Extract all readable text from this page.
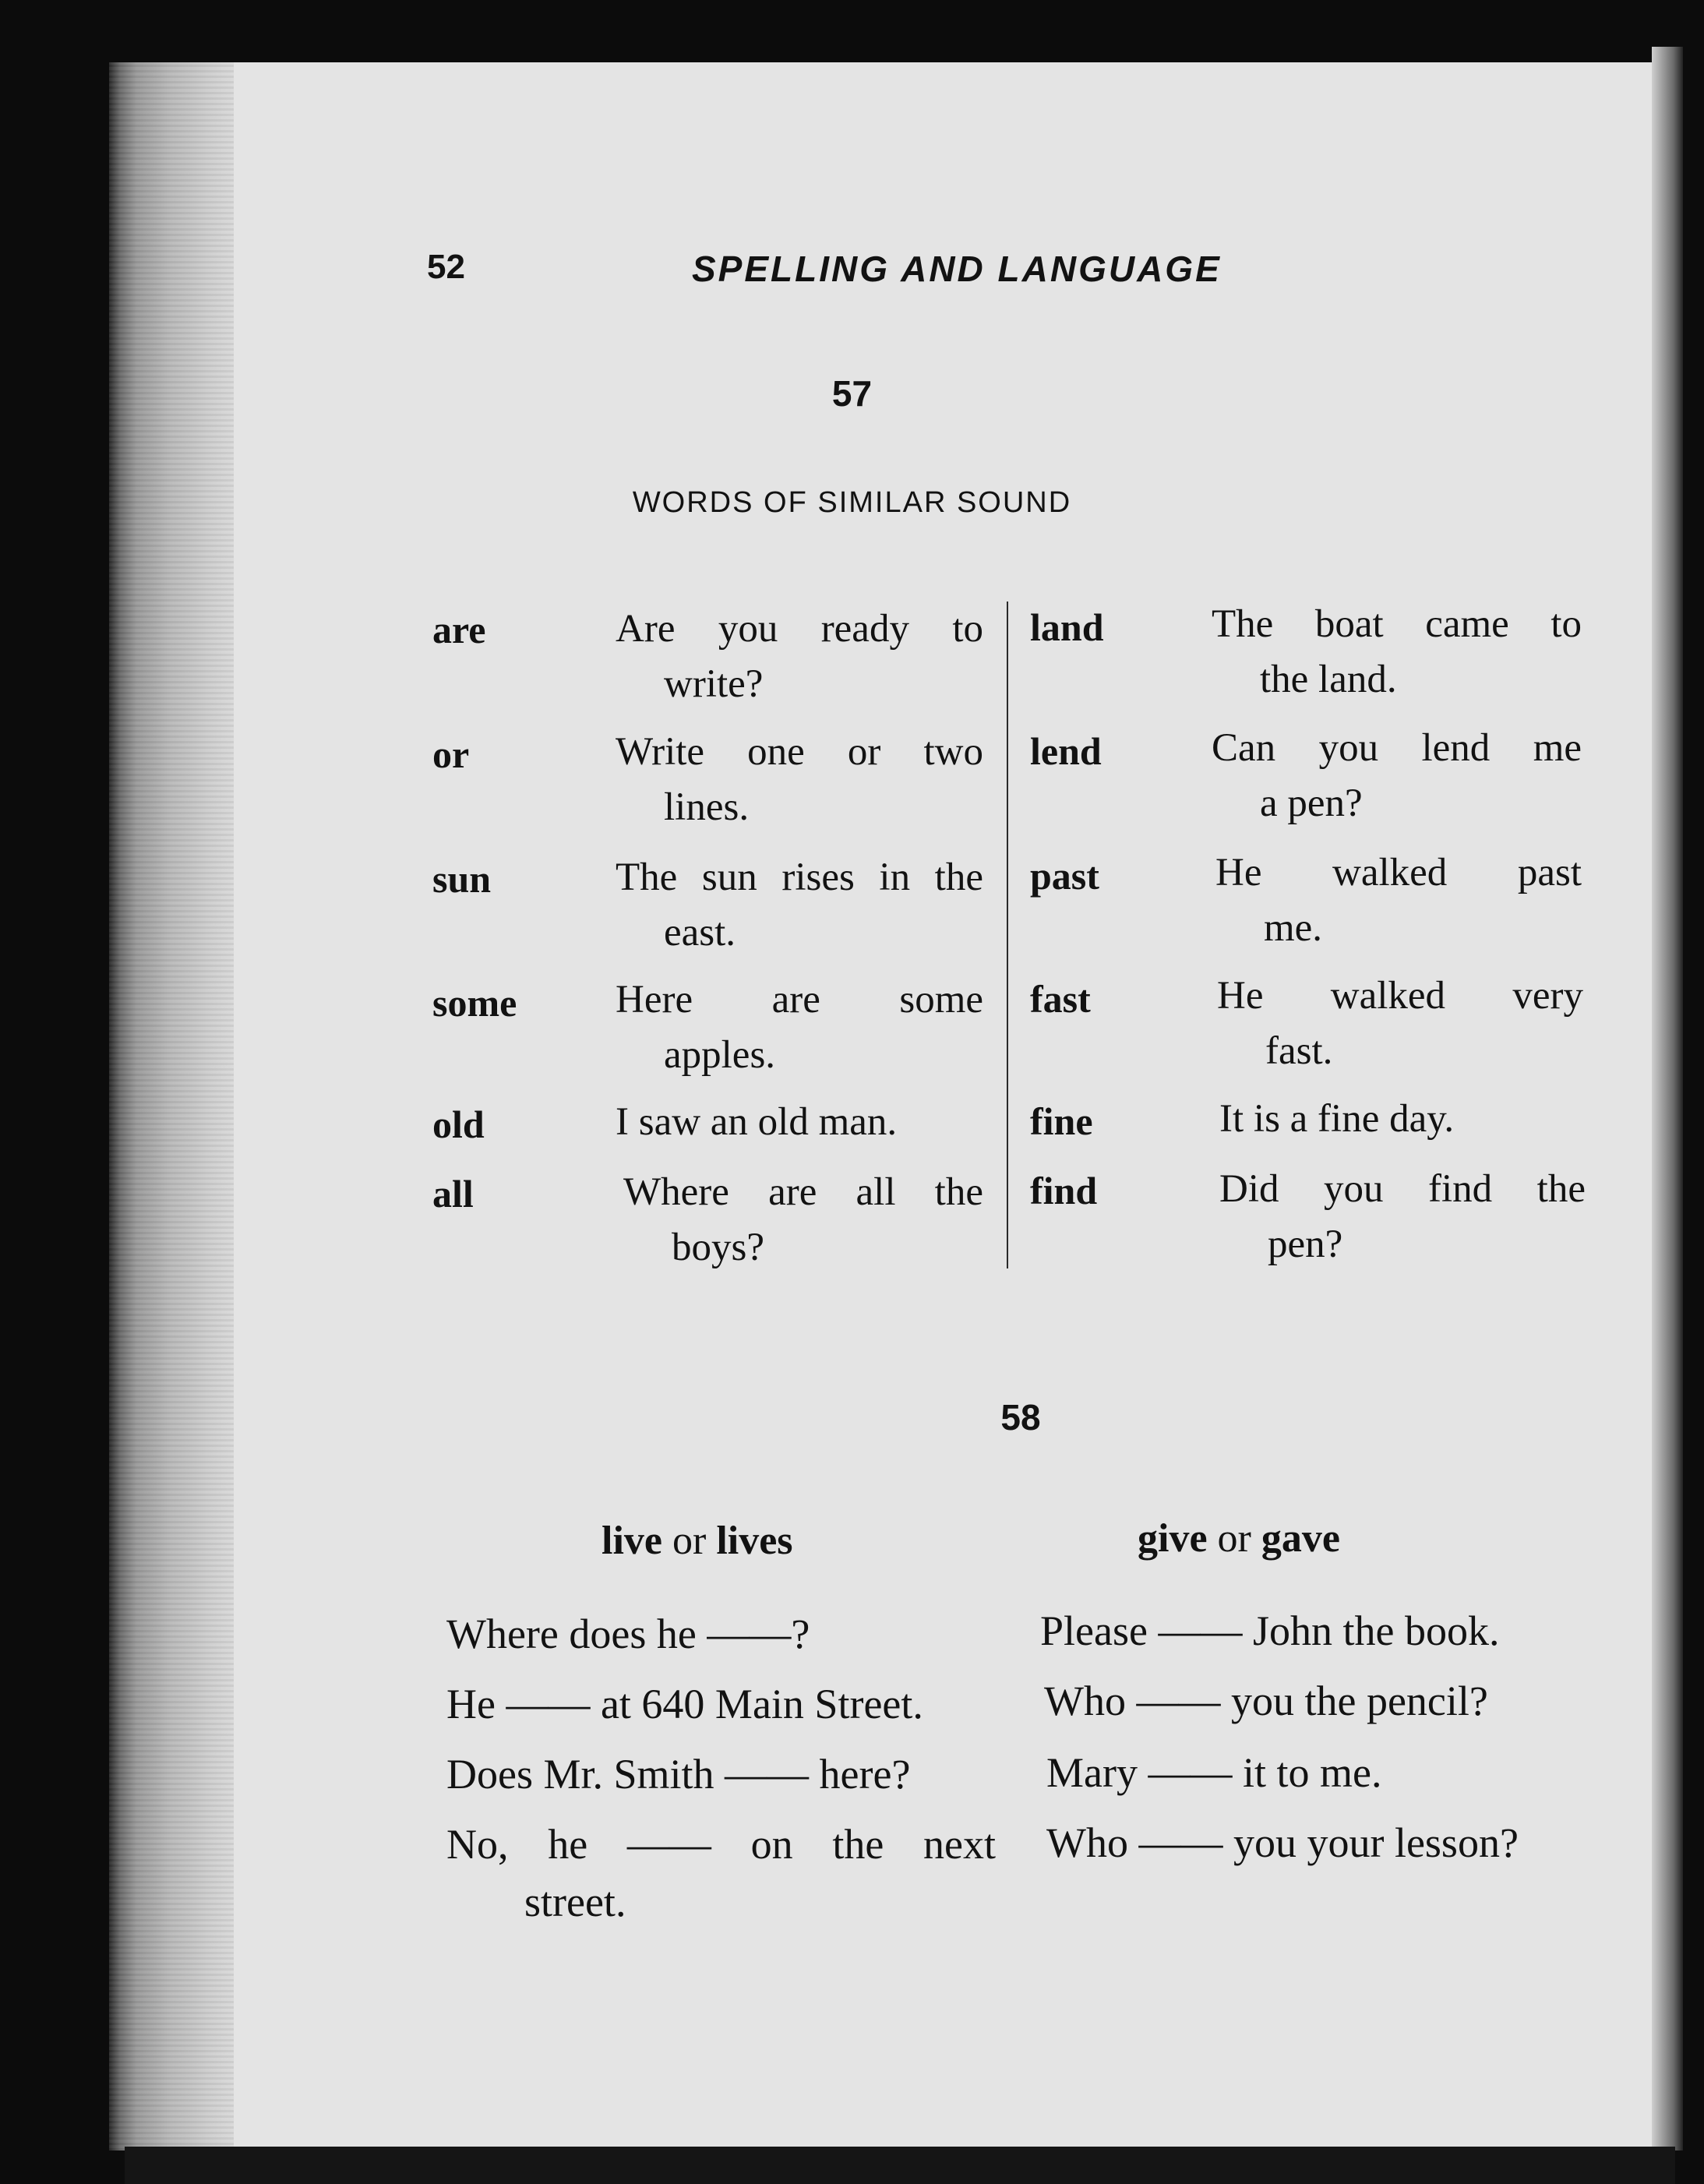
52	SPELLING AND LANGUAGE
57
WORDS OF SIMILAR SOUND
are
or
sun
some
old
all
Are you ready to
write?
Write one or two
lines.
The sun rises in the
east.
Here are some
apples.
I saw an old man.
Where are all the
boys?
land
lend
past
fast
fine
find
The boat came to
the land.
Can you lend me
a pen?
He walked past
me.
He walked very
fast.
It is a fine day.
Did you find the
pen?
58
live or lives	give or gave
Where does he ——?
He —— at 640 Main Street.
Does Mr. Smith —— here?
No, he —— on the next
street.
Please —— John the book.
Who —— you the pencil?
Mary —— it to me.
Who —— you your lesson?
